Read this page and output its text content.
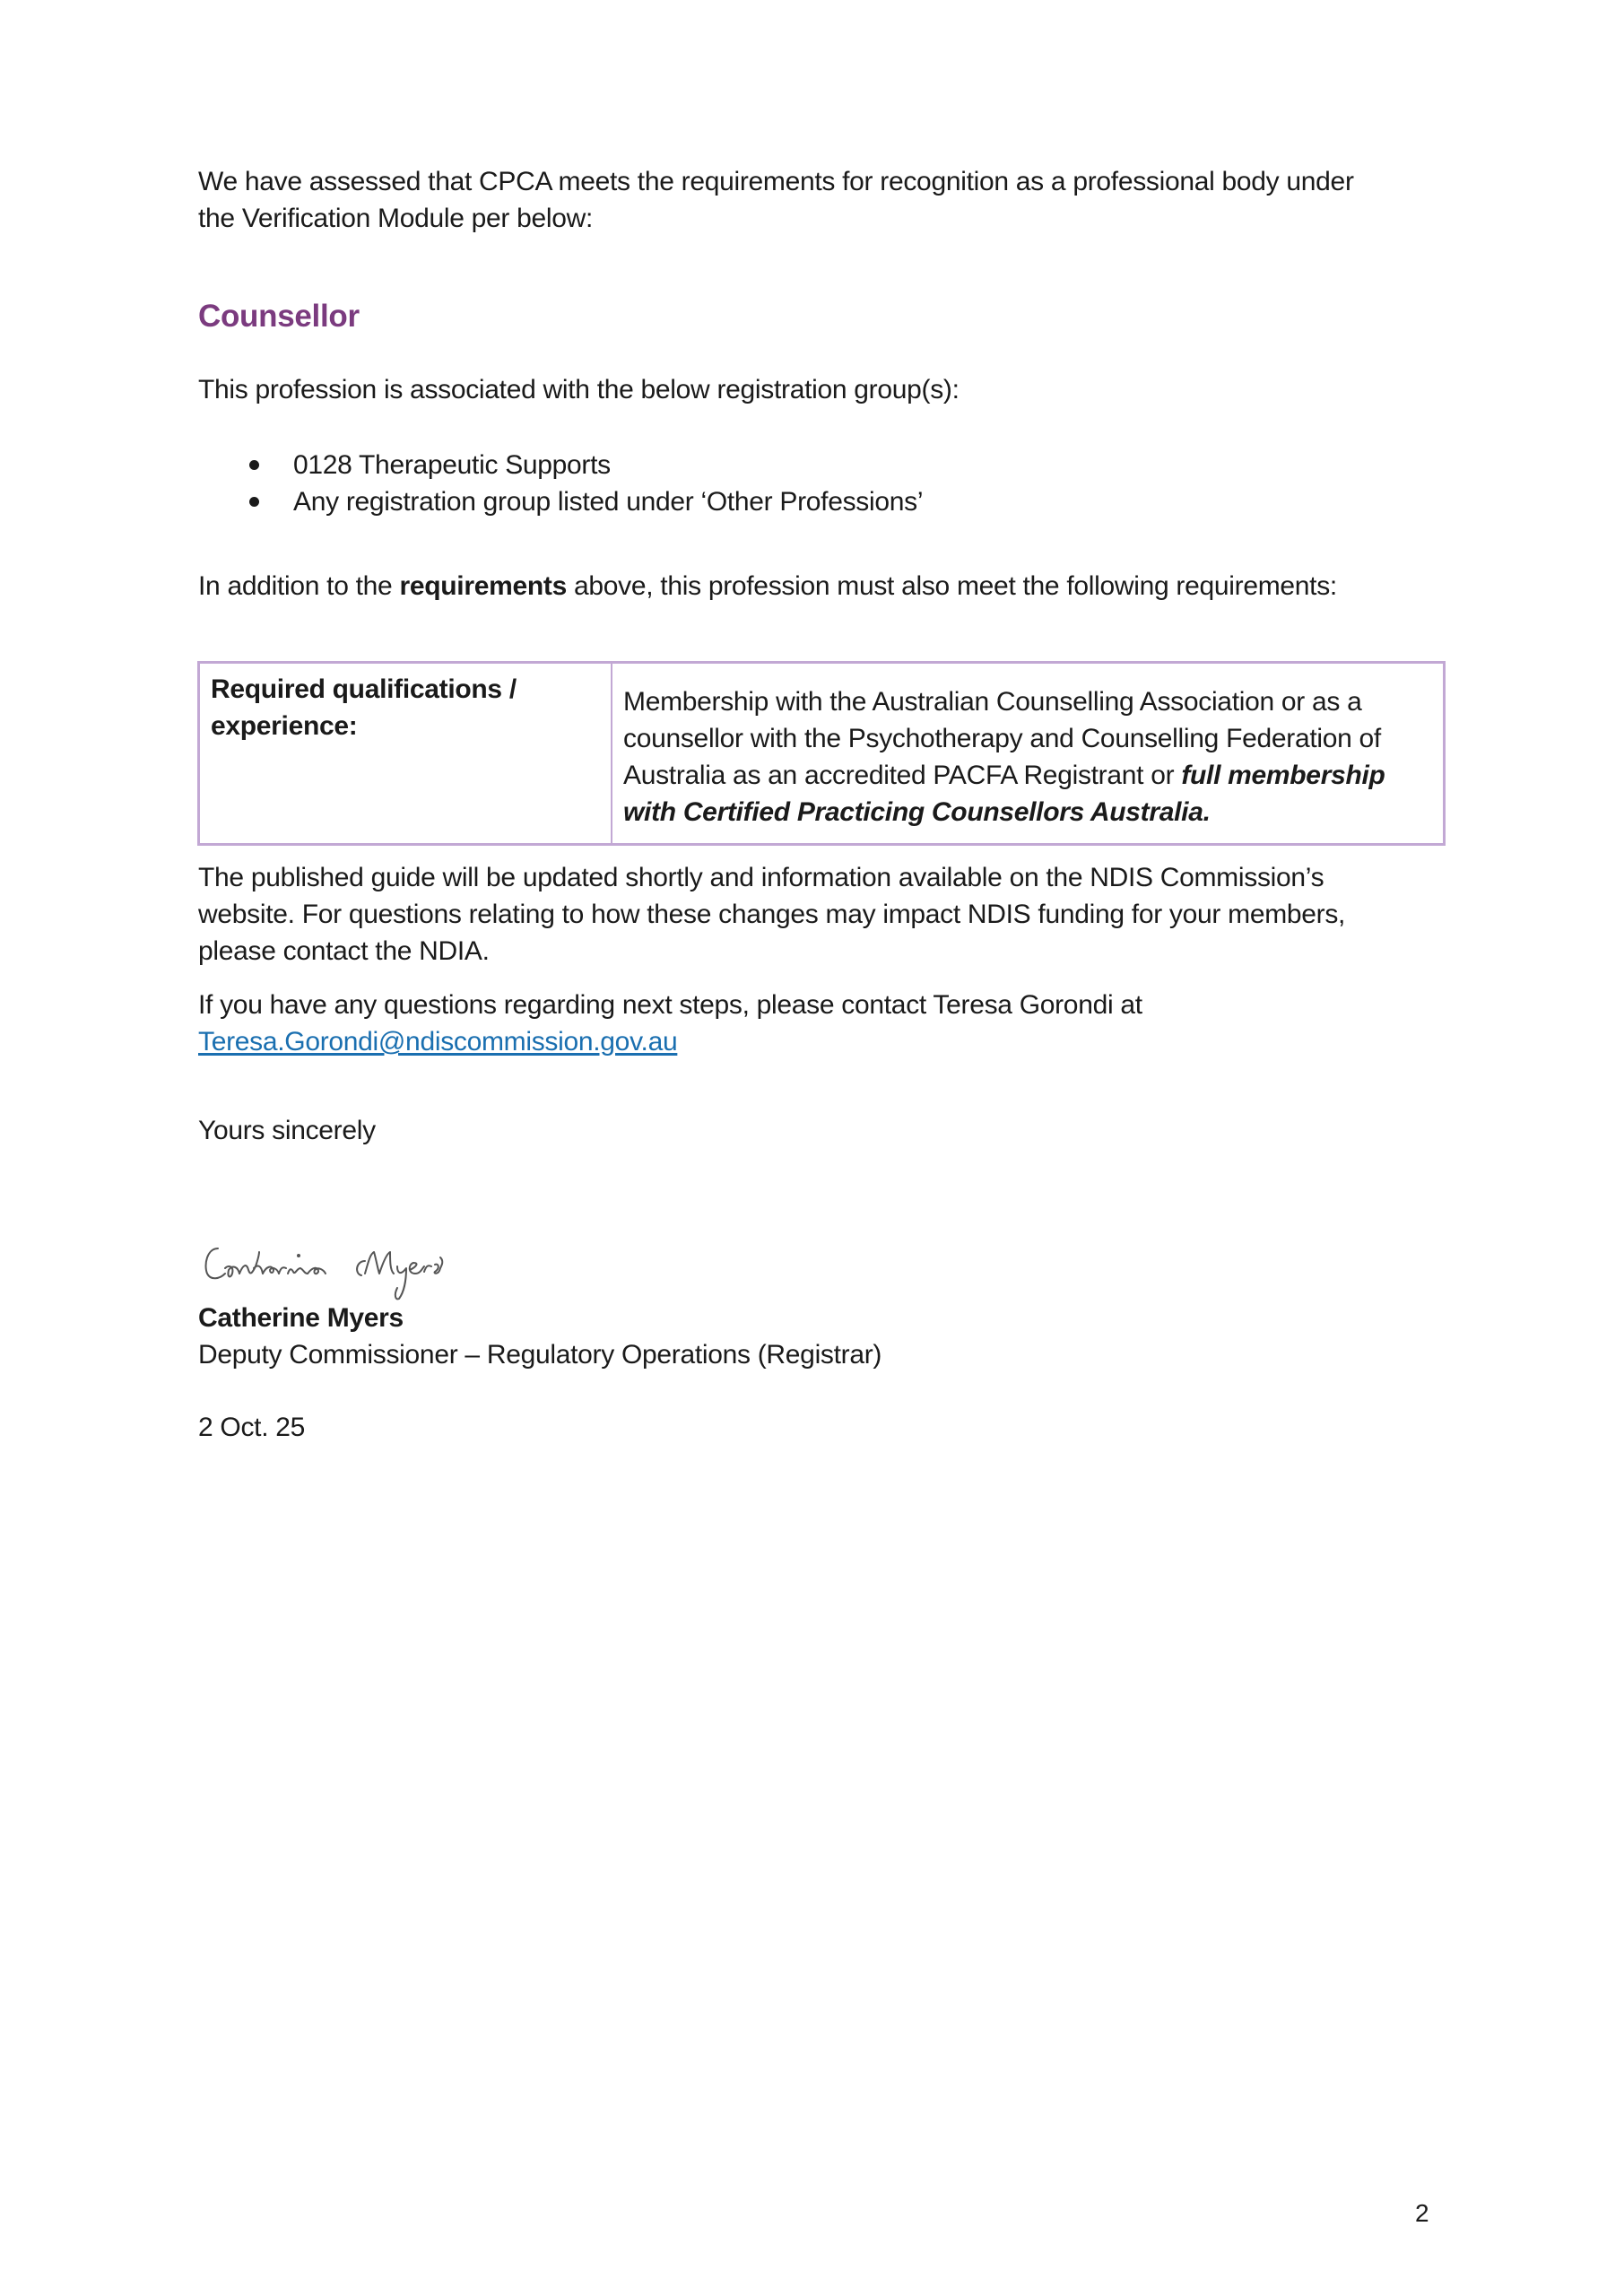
We have assessed that CPCA meets the requirements for recognition as a professional body under
the Verification Module per below:
Counsellor
This profession is associated with the below registration group(s):
0128 Therapeutic Supports
Any registration group listed under ‘Other Professions’
In addition to the requirements above, this profession must also meet the following requirements:
Required qualifications / experience:	Membership with the Australian Counselling Association or as a counsellor with the Psychotherapy and Counselling Federation of Australia as an accredited PACFA Registrant or full membership with Certified Practicing Counsellors Australia.
The published guide will be updated shortly and information available on the NDIS Commission’s
website. For questions relating to how these changes may impact NDIS funding for your members,
please contact the NDIA.
If you have any questions regarding next steps, please contact Teresa Gorondi at
Teresa.Gorondi@ndiscommission.gov.au
Yours sincerely
Catherine Myers
Deputy Commissioner – Regulatory Operations (Registrar)
2 Oct. 25
2
